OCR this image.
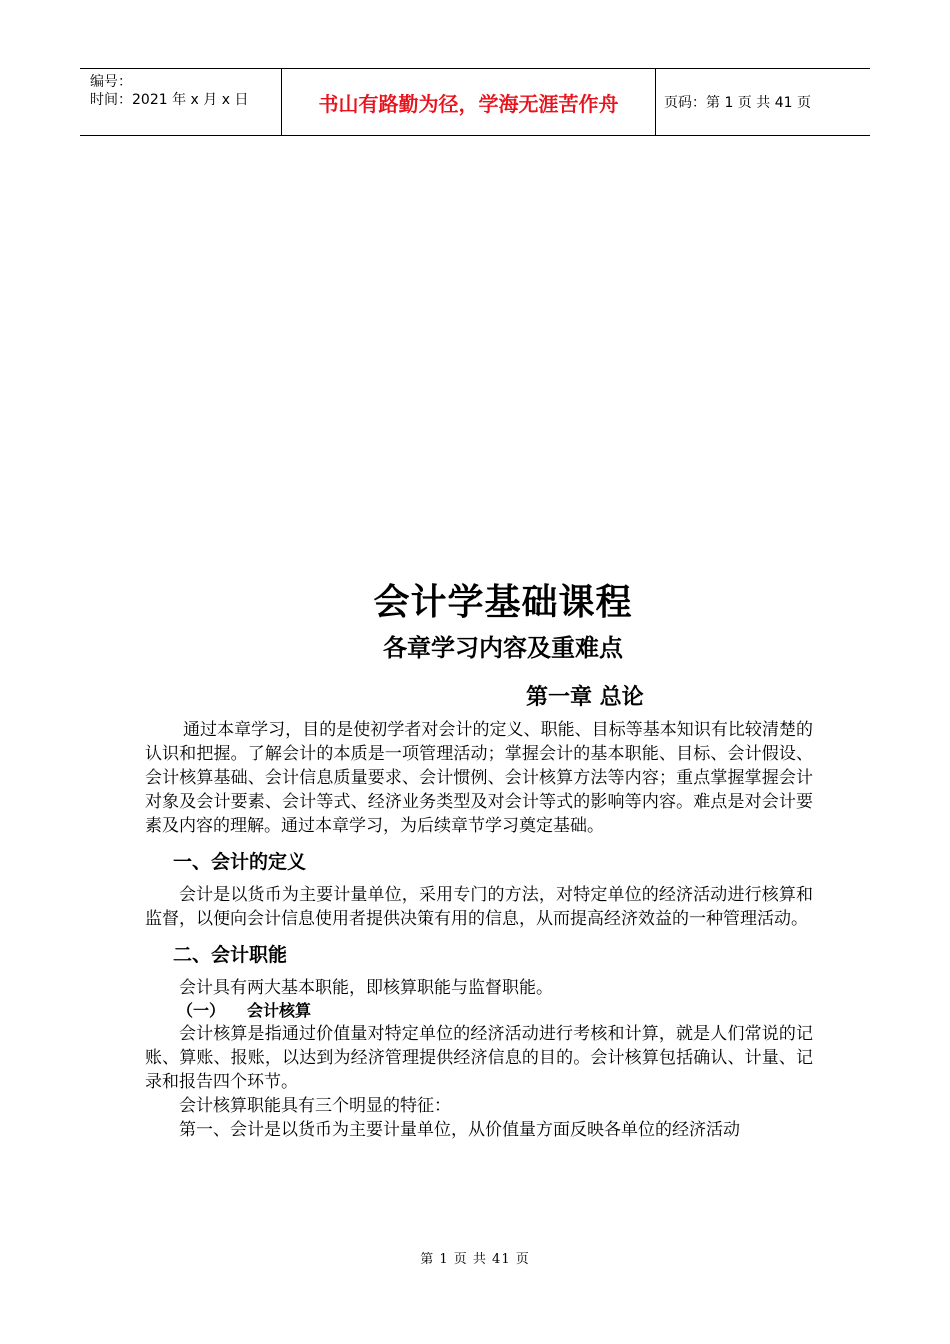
编号：
时间：2021 年 x 月 x 日	书山有路勤为径，学海无涯苦作舟	页码：第 1 页 共 41 页
会计学基础课程
各章学习内容及重难点
第一章 总论

通过本章学习，目的是使初学者对会计的定义、职能、目标等基本知识有比较清楚的认识和把握。了解会计的本质是一项管理活动；掌握会计的基本职能、目标、会计假设、会计核算基础、会计信息质量要求、会计惯例、会计核算方法等内容；重点掌握掌握会计对象及会计要素、会计等式、经济业务类型及对会计等式的影响等内容。难点是对会计要素及内容的理解。通过本章学习，为后续章节学习奠定基础。

一、会计的定义

会计是以货币为主要计量单位，采用专门的方法，对特定单位的经济活动进行核算和监督，以便向会计信息使用者提供决策有用的信息，从而提高经济效益的一种管理活动。

二、会计职能

会计具有两大基本职能，即核算职能与监督职能。

（一） 会计核算

会计核算是指通过价值量对特定单位的经济活动进行考核和计算，就是人们常说的记账、算账、报账，以达到为经济管理提供经济信息的目的。会计核算包括确认、计量、记录和报告四个环节。

会计核算职能具有三个明显的特征：

第一、会计是以货币为主要计量单位，从价值量方面反映各单位的经济活动

第 1 页 共 41 页
